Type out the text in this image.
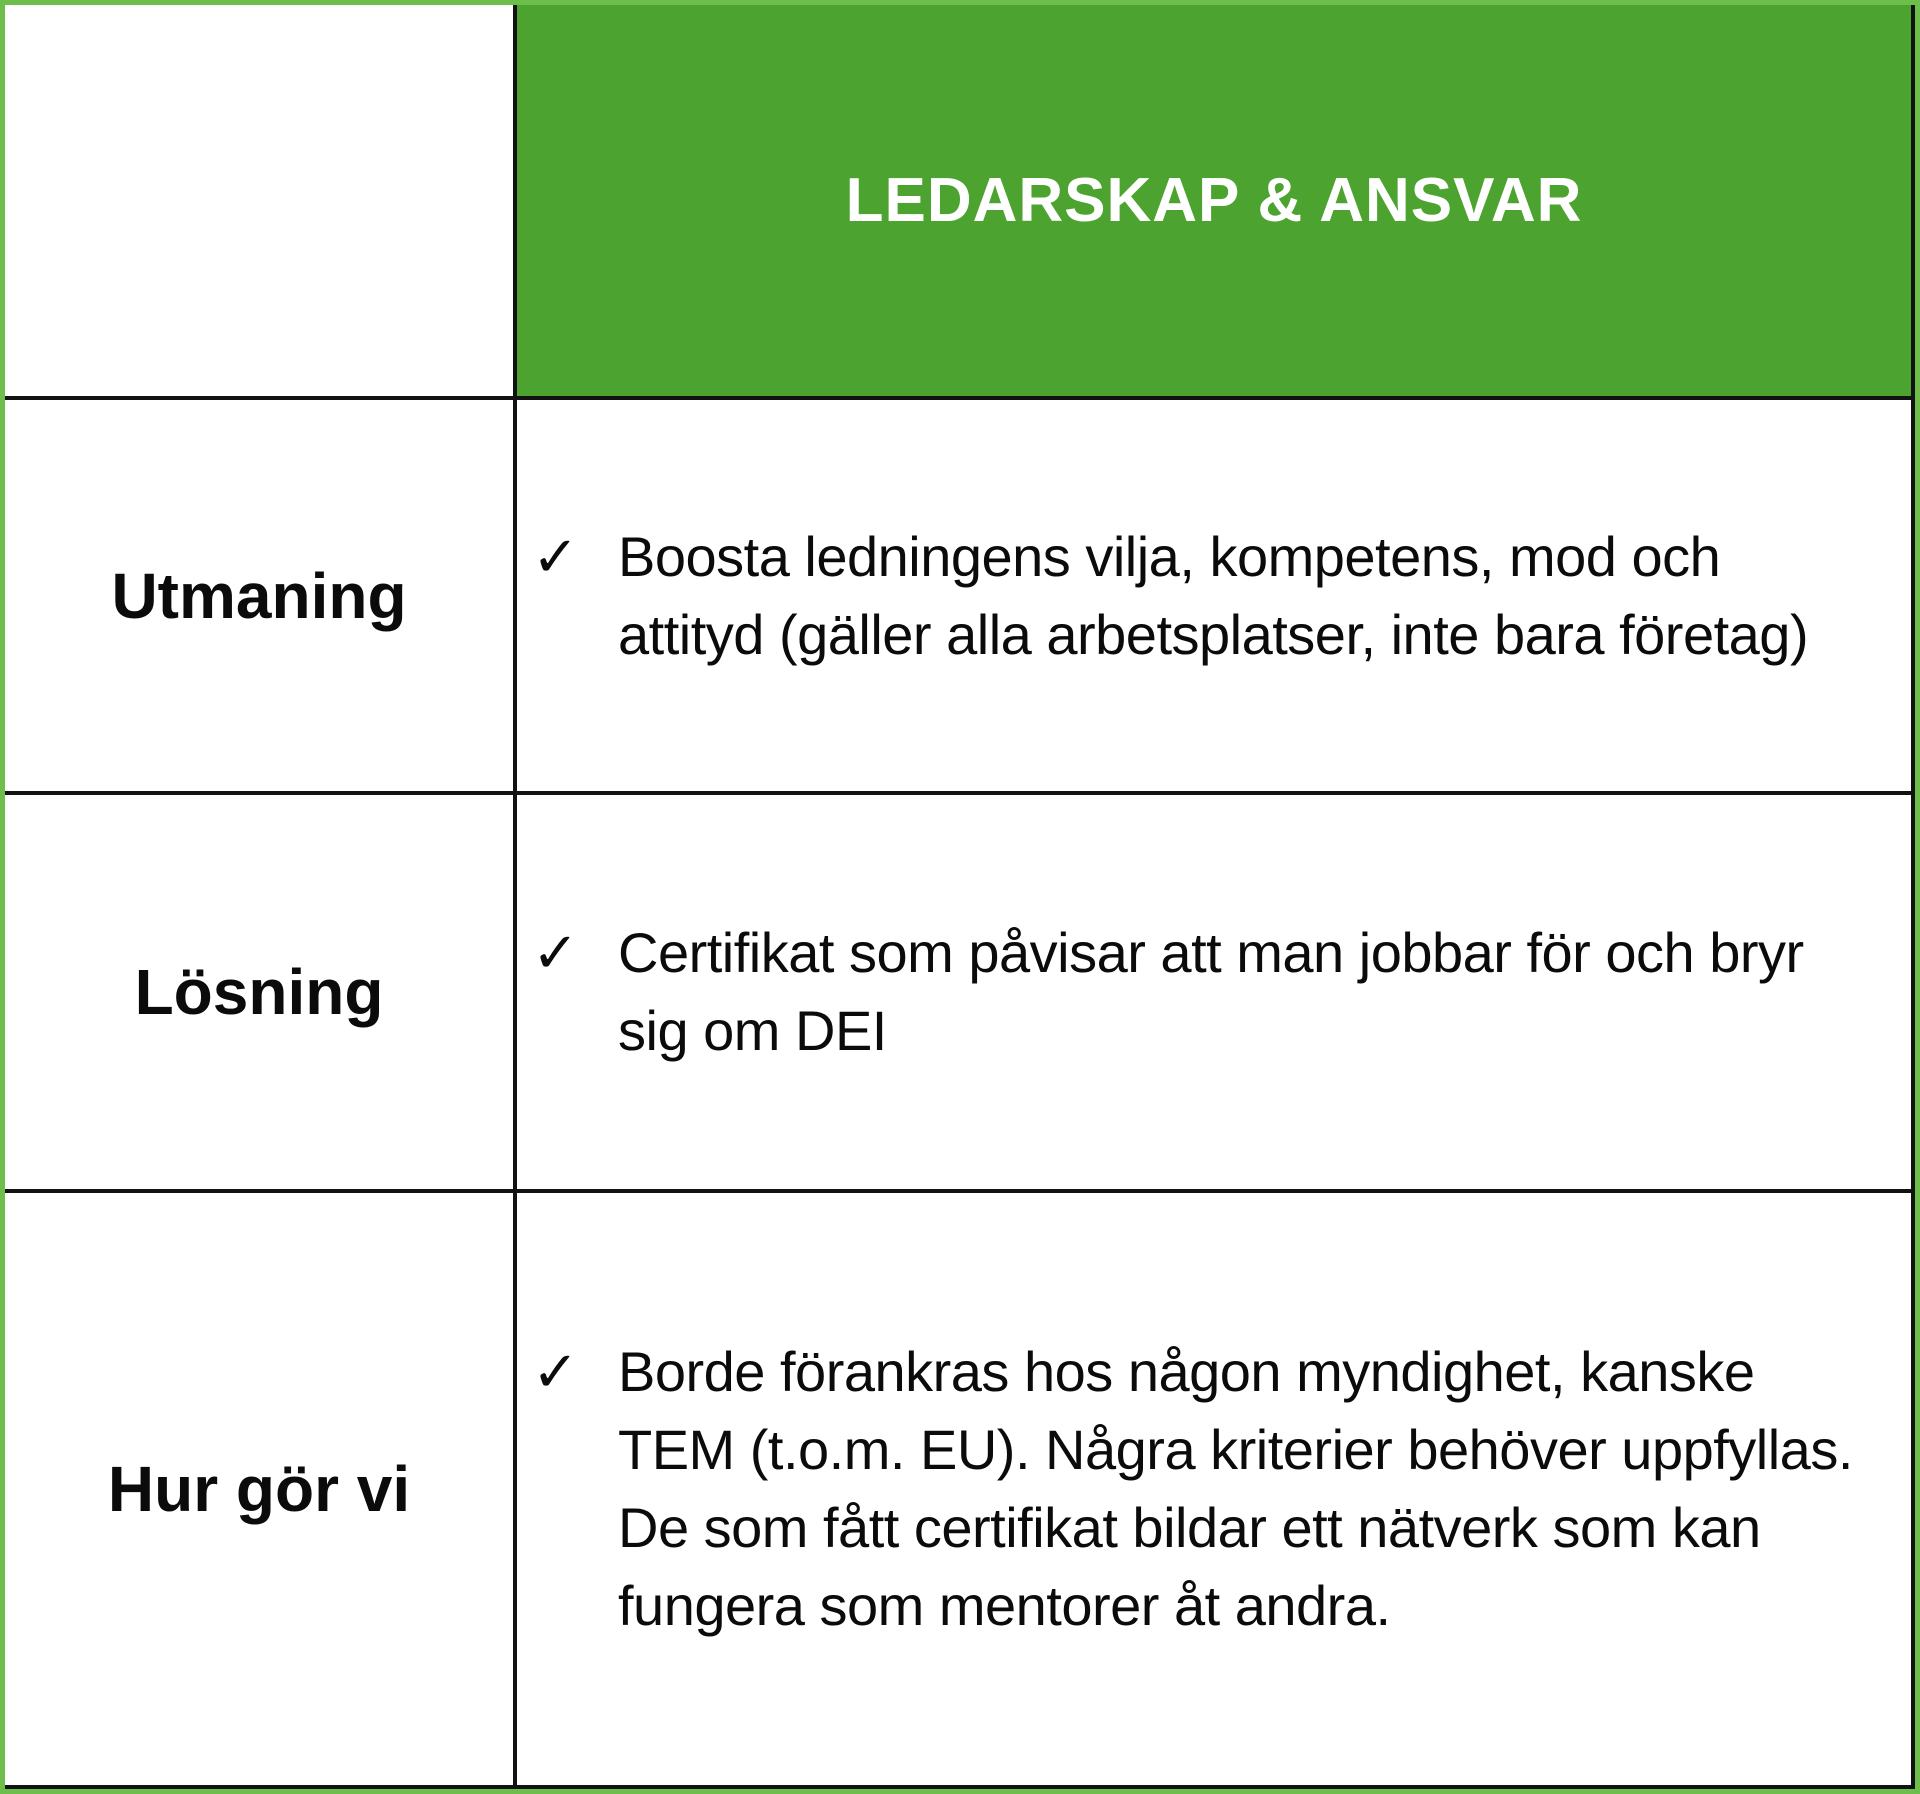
LEDARSKAP & ANSVAR
Utmaning
✓ Boosta ledningens vilja, kompetens, mod och attityd (gäller alla arbetsplatser, inte bara företag)
Lösning
✓ Certifikat som påvisar att man jobbar för och bryr sig om DEI
Hur gör vi
✓ Borde förankras hos någon myndighet, kanske TEM (t.o.m. EU). Några kriterier behöver uppfyllas. De som fått certifikat bildar ett nätverk som kan fungera som mentorer åt andra.
